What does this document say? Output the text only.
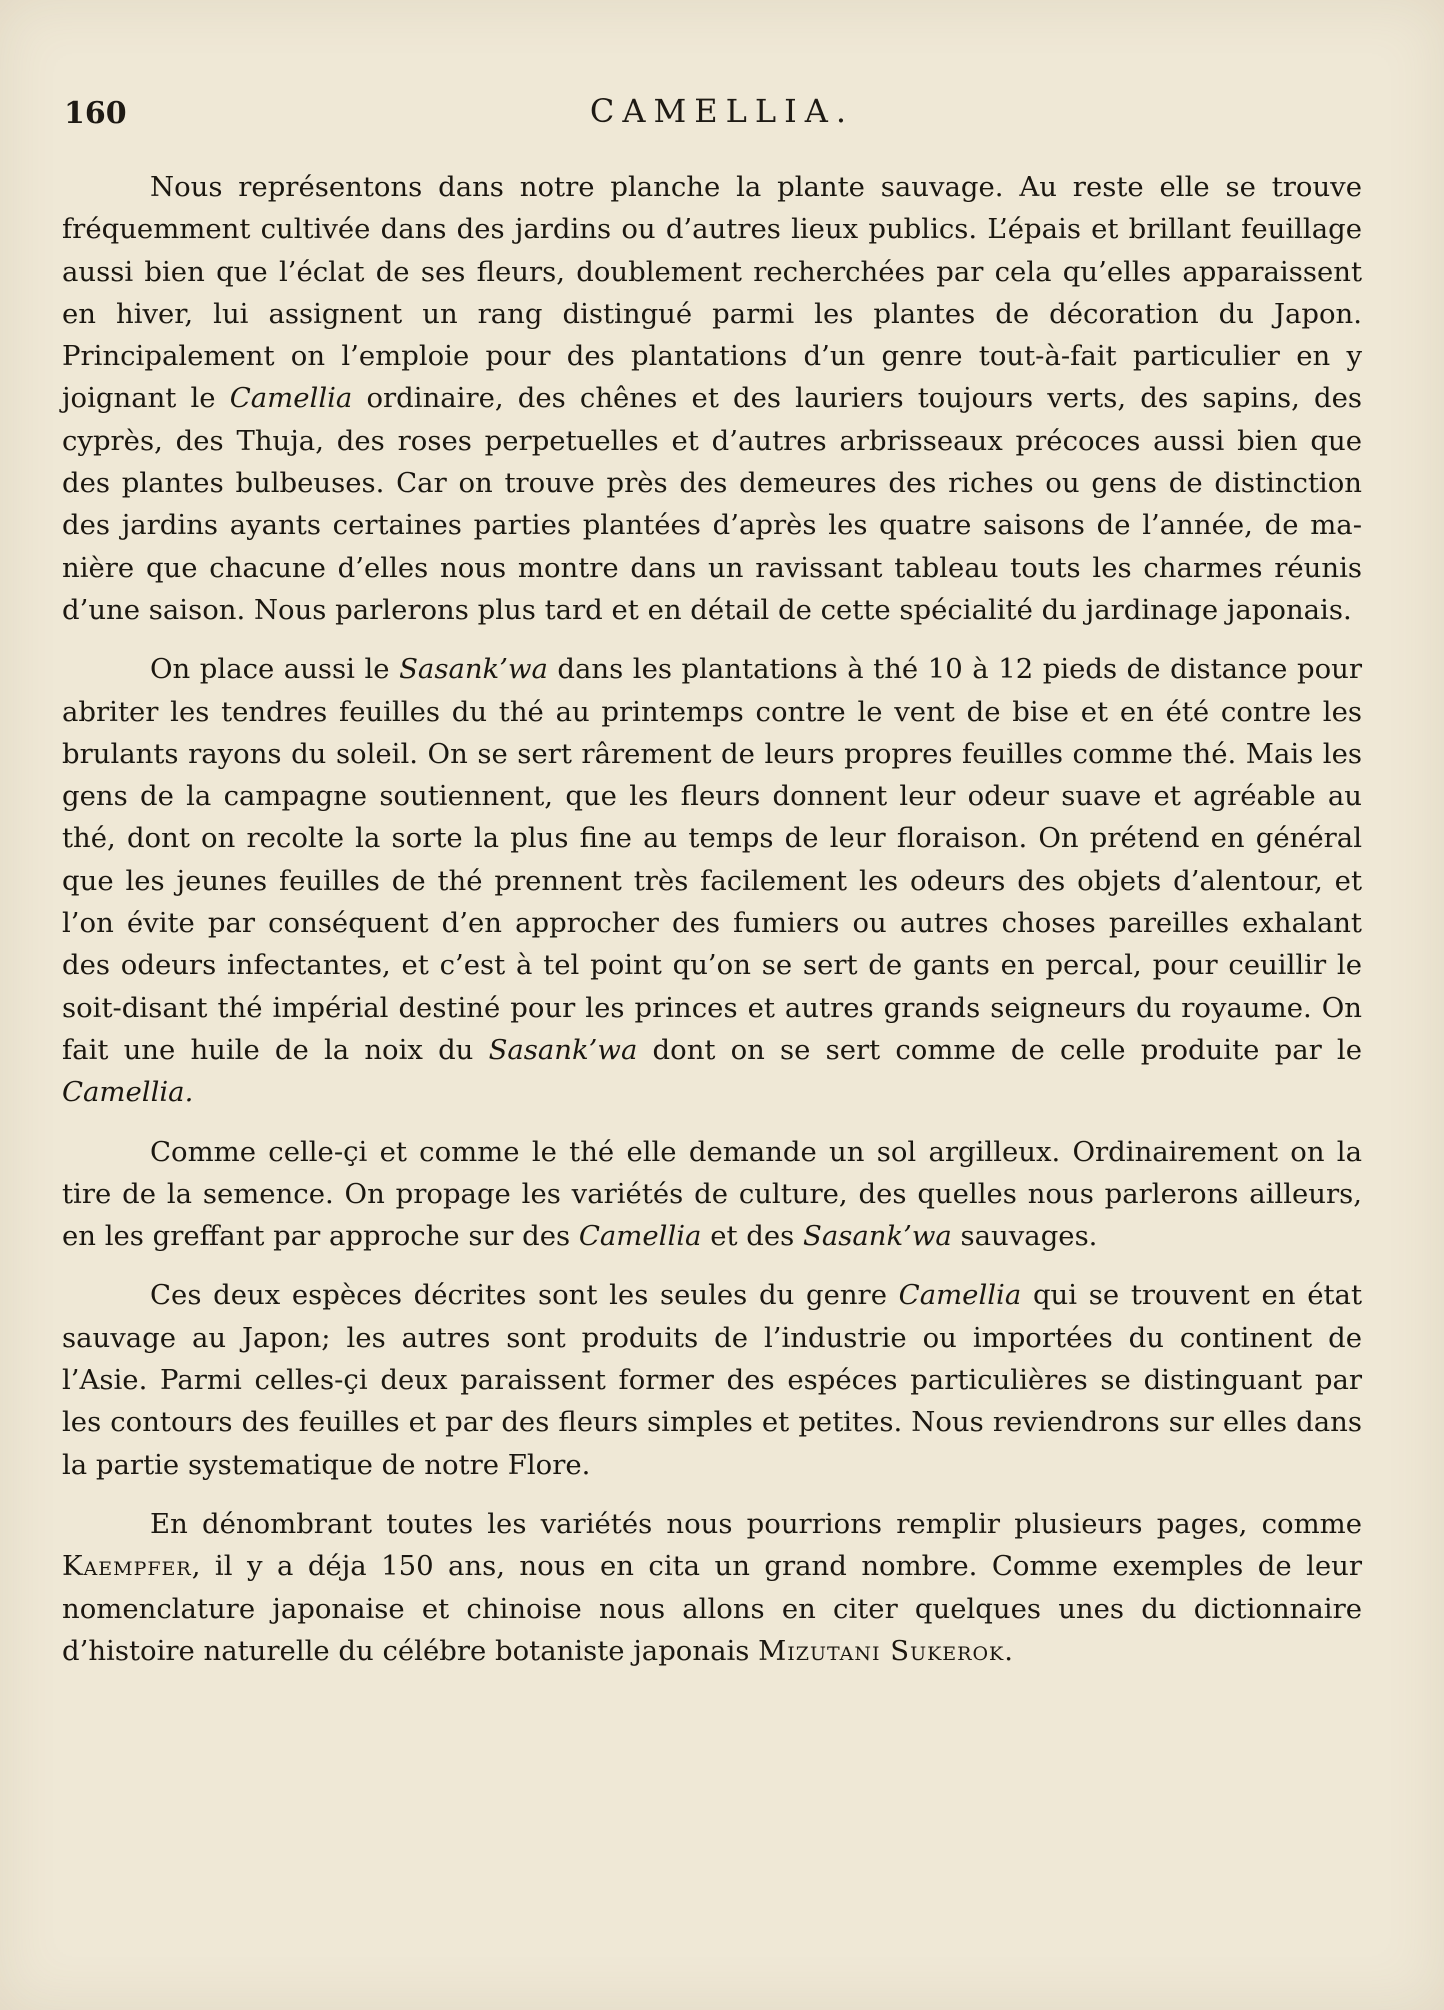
160	CAMELLIA.

Nous représentons dans notre planche la plante sauvage. Au reste elle se trouve fréquemment cultivée dans des jardins ou d’autres lieux publics. L’épais et brillant feuillage aussi bien que l’éclat de ses fleurs, doublement recherchées par cela qu’elles apparaissent en hiver, lui assignent un rang distingué parmi les plantes de décoration du Japon. Principalement on l’emploie pour des plantations d’un genre tout-à-fait particulier en y joignant le Camellia ordinaire, des chênes et des lauriers toujours verts, des sapins, des cyprès, des Thuja, des roses perpetuelles et d’autres arbrisseaux précoces aussi bien que des plantes bulbeuses. Car on trouve près des demeures des riches ou gens de distinction des jardins ayants certaines parties plantées d’après les quatre saisons de l’année, de manière que chacune d’elles nous montre dans un ravissant tableau touts les charmes réunis d’une saison. Nous parlerons plus tard et en détail de cette spécialité du jardinage japonais.

On place aussi le Sasank’wa dans les plantations à thé 10 à 12 pieds de distance pour abriter les tendres feuilles du thé au printemps contre le vent de bise et en été contre les brulants rayons du soleil. On se sert rârement de leurs propres feuilles comme thé. Mais les gens de la campagne soutiennent, que les fleurs donnent leur odeur suave et agréable au thé, dont on recolte la sorte la plus fine au temps de leur floraison. On prétend en général que les jeunes feuilles de thé prennent très facilement les odeurs des objets d’alentour, et l’on évite par conséquent d’en approcher des fumiers ou autres choses pareilles exhalant des odeurs infectantes, et c’est à tel point qu’on se sert de gants en percal, pour ceuillir le soit-disant thé impérial destiné pour les princes et autres grands seigneurs du royaume. On fait une huile de la noix du Sasank’wa dont on se sert comme de celle produite par le Camellia.

Comme celle-çi et comme le thé elle demande un sol argilleux. Ordinairement on la tire de la semence. On propage les variétés de culture, des quelles nous parlerons ailleurs, en les greffant par approche sur des Camellia et des Sasank’wa sauvages.

Ces deux espèces décrites sont les seules du genre Camellia qui se trouvent en état sauvage au Japon; les autres sont produits de l’industrie ou importées du continent de l’Asie. Parmi celles-çi deux paraissent former des espéces particulières se distinguant par les contours des feuilles et par des fleurs simples et petites. Nous reviendrons sur elles dans la partie systematique de notre Flore.

En dénombrant toutes les variétés nous pourrions remplir plusieurs pages, comme Kaempfer, il y a déja 150 ans, nous en cita un grand nombre. Comme exemples de leur nomenclature japonaise et chinoise nous allons en citer quelques unes du dictionnaire d’histoire naturelle du célébre botaniste japonais Mizutani Sukerok.
